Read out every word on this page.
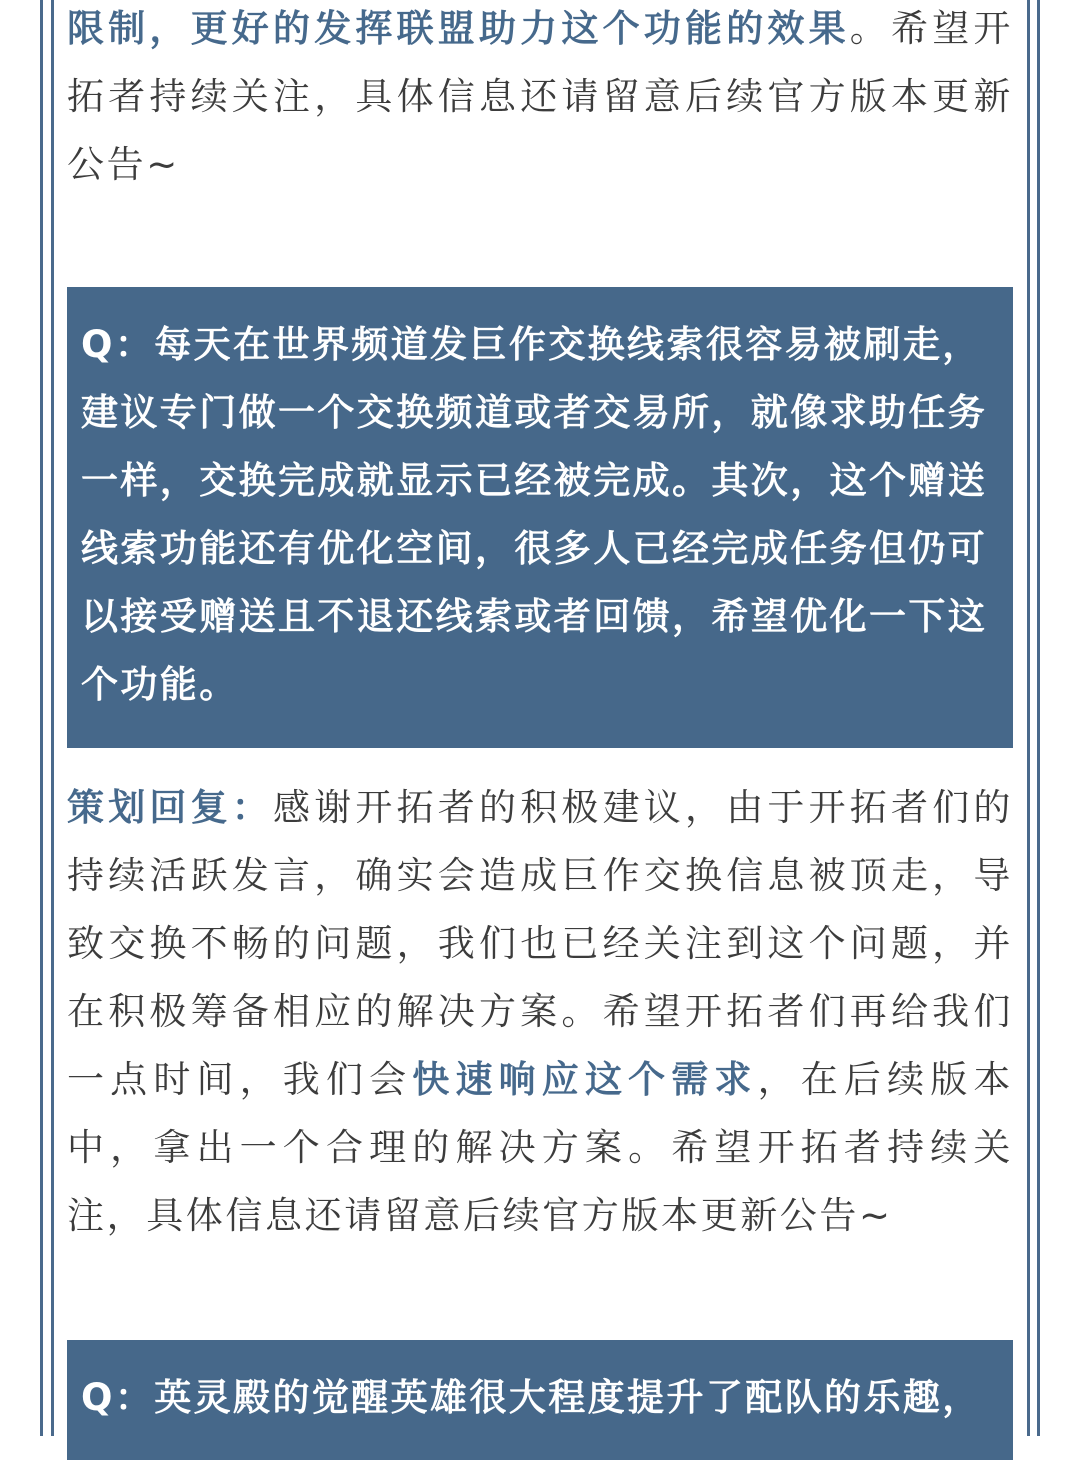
限制，更好的发挥联盟助力这个功能的效果。希望开拓者持续关注，具体信息还请留意后续官方版本更新公告~

Q：每天在世界频道发巨作交换线索很容易被刷走，建议专门做一个交换频道或者交易所，就像求助任务一样，交换完成就显示已经被完成。其次，这个赠送线索功能还有优化空间，很多人已经完成任务但仍可以接受赠送且不退还线索或者回馈，希望优化一下这个功能。

策划回复：感谢开拓者的积极建议，由于开拓者们的持续活跃发言，确实会造成巨作交换信息被顶走，导致交换不畅的问题，我们也已经关注到这个问题，并在积极筹备相应的解决方案。希望开拓者们再给我们一点时间，我们会快速响应这个需求，在后续版本中，拿出一个合理的解决方案。希望开拓者持续关注，具体信息还请留意后续官方版本更新公告~

Q：英灵殿的觉醒英雄很大程度提升了配队的乐趣，
